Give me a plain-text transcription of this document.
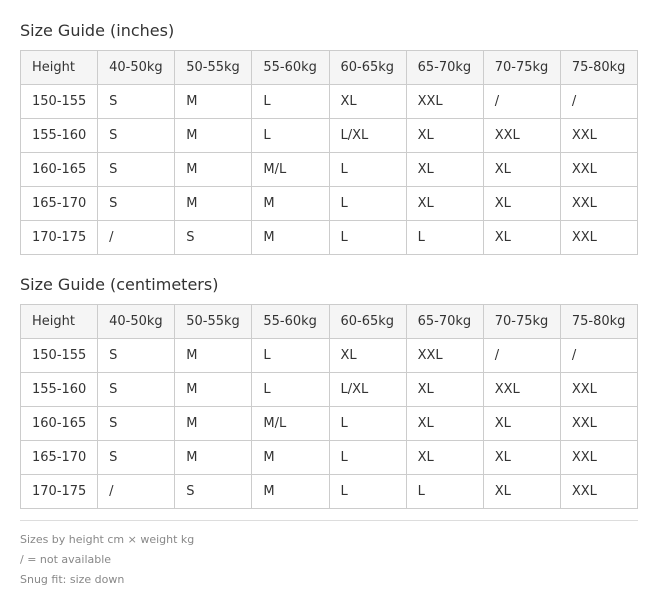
Size Guide (inches)
Height	40-50kg	50-55kg	55-60kg	60-65kg	65-70kg	70-75kg	75-80kg
150-155	S	M	L	XL	XXL	/	/
155-160	S	M	L	L/XL	XL	XXL	XXL
160-165	S	M	M/L	L	XL	XL	XXL
165-170	S	M	M	L	XL	XL	XXL
170-175	/	S	M	L	L	XL	XXL
Size Guide (centimeters)
Height	40-50kg	50-55kg	55-60kg	60-65kg	65-70kg	70-75kg	75-80kg
150-155	S	M	L	XL	XXL	/	/
155-160	S	M	L	L/XL	XL	XXL	XXL
160-165	S	M	M/L	L	XL	XL	XXL
165-170	S	M	M	L	XL	XL	XXL
170-175	/	S	M	L	L	XL	XXL
Sizes by height cm × weight kg
/ = not available
Snug fit: size down
